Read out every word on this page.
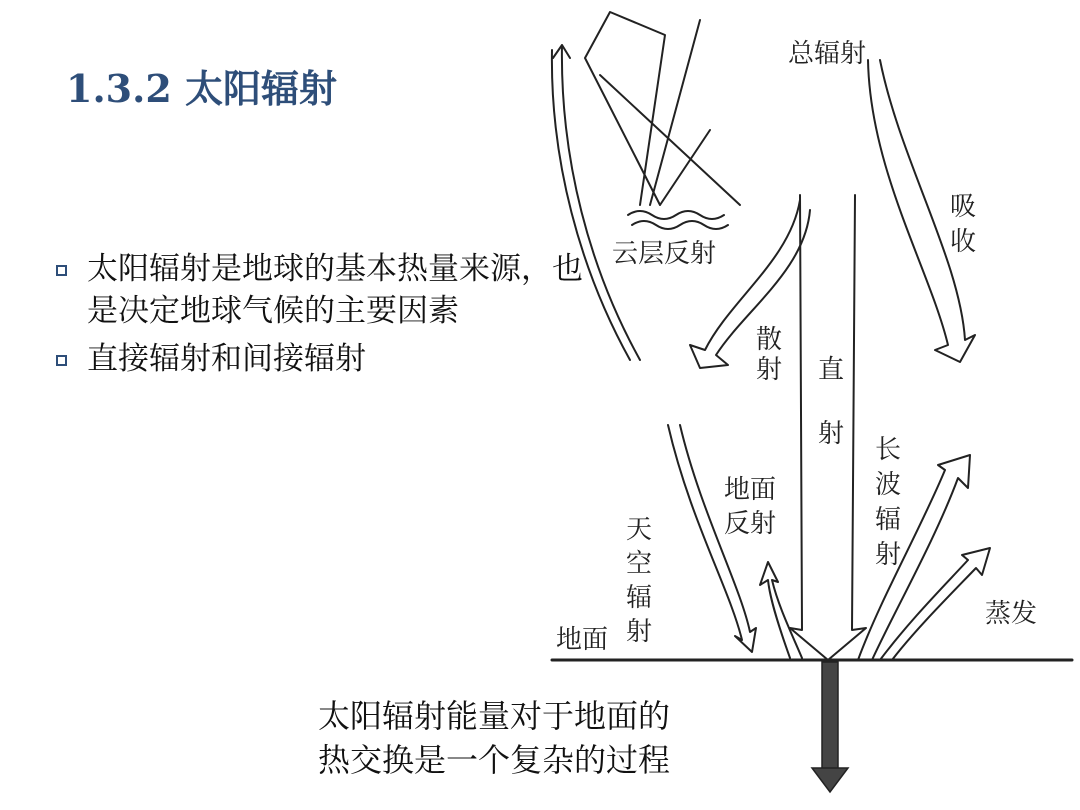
1.3.2 太阳辐射
太阳辐射是地球的基本热量来源，也是决定地球气候的主要因素
直接辐射和间接辐射
总辐射
吸
收
云层反射
散
射 直
射
长
波
辐
射
地面
反射
天
空
辐
射
地面
蒸发
太阳辐射能量对于地面的
热交换是一个复杂的过程
